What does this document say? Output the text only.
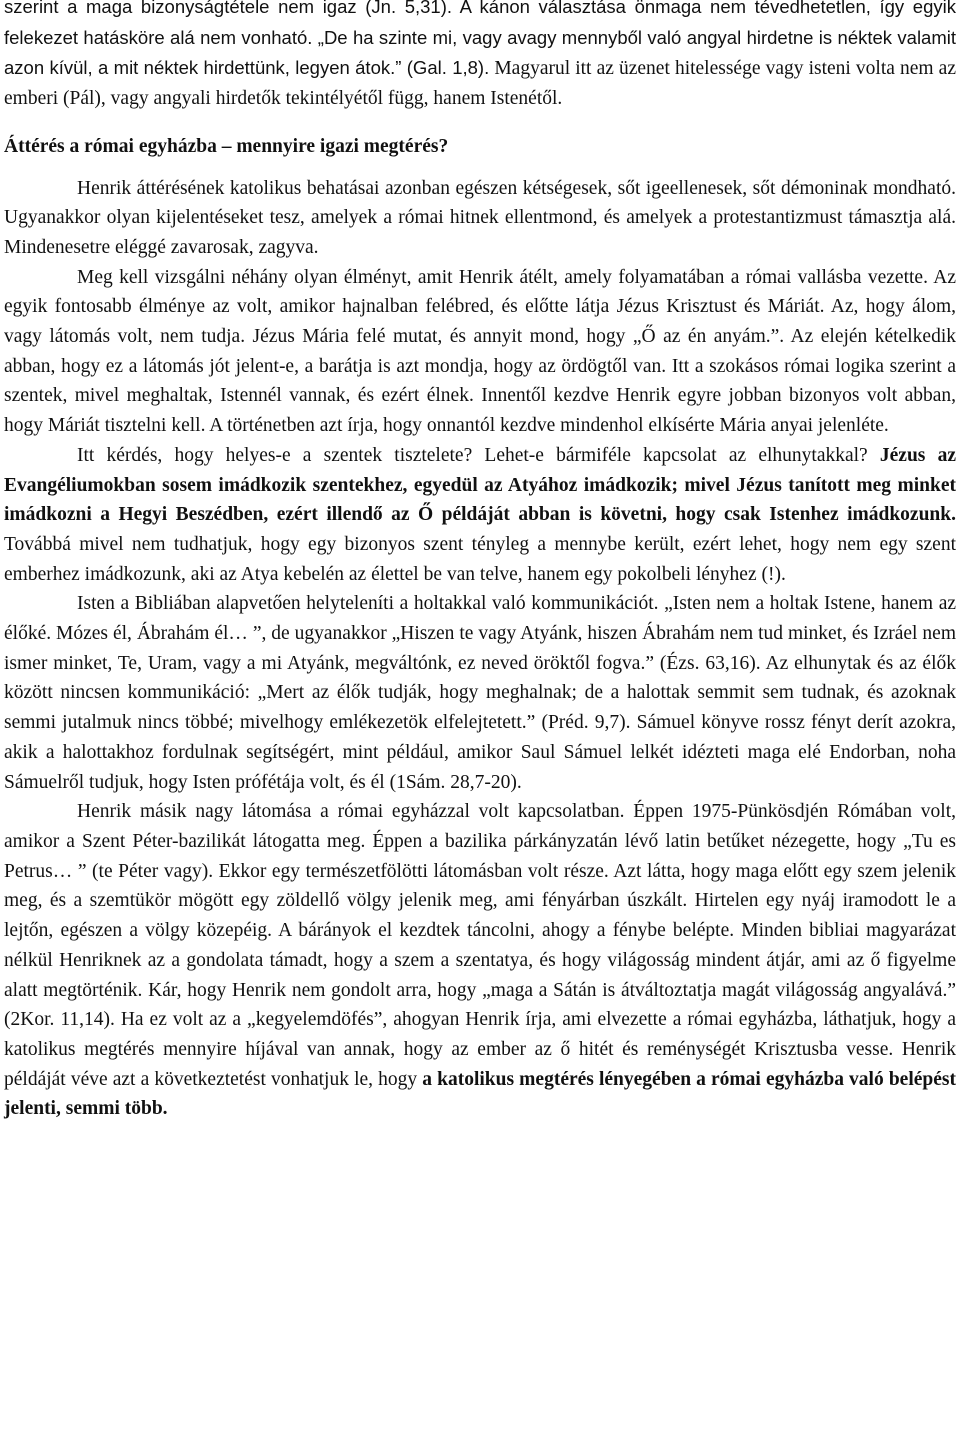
szerint a maga bizonyságtétele nem igaz (Jn. 5,31). A kánon választása önmaga nem tévedhetetlen, így egyik felekezet hatásköre alá nem vonható. „De ha szinte mi, vagy avagy mennyből való angyal hirdetne is néktek valamit azon kívül, a mit néktek hirdettünk, legyen átok.” (Gal. 1,8). Magyarul itt az üzenet hitelessége vagy isteni volta nem az emberi (Pál), vagy angyali hirdetők tekintélyétől függ, hanem Istenétől.

Áttérés a római egyházba – mennyire igazi megtérés?

Henrik áttérésének katolikus behatásai azonban egészen kétségesek, sőt igeellenesek, sőt démoninak mondható. Ugyanakkor olyan kijelentéseket tesz, amelyek a római hitnek ellentmond, és amelyek a protestantizmust támasztja alá. Mindenesetre eléggé zavarosak, zagyva.

Meg kell vizsgálni néhány olyan élményt, amit Henrik átélt, amely folyamatában a római vallásba vezette. Az egyik fontosabb élménye az volt, amikor hajnalban felébred, és előtte látja Jézus Krisztust és Máriát. Az, hogy álom, vagy látomás volt, nem tudja. Jézus Mária felé mutat, és annyit mond, hogy „Ő az én anyám.”. Az elején kételkedik abban, hogy ez a látomás jót jelent-e, a barátja is azt mondja, hogy az ördögtől van. Itt a szokásos római logika szerint a szentek, mivel meghaltak, Istennél vannak, és ezért élnek. Innentől kezdve Henrik egyre jobban bizonyos volt abban, hogy Máriát tisztelni kell. A történetben azt írja, hogy onnantól kezdve mindenhol elkísérte Mária anyai jelenléte.

Itt kérdés, hogy helyes-e a szentek tisztelete? Lehet-e bármiféle kapcsolat az elhunytakkal? Jézus az Evangéliumokban sosem imádkozik szentekhez, egyedül az Atyához imádkozik; mivel Jézus tanított meg minket imádkozni a Hegyi Beszédben, ezért illendő az Ő példáját abban is követni, hogy csak Istenhez imádkozunk. Továbbá mivel nem tudhatjuk, hogy egy bizonyos szent tényleg a mennybe került, ezért lehet, hogy nem egy szent emberhez imádkozunk, aki az Atya kebelén az élettel be van telve, hanem egy pokolbeli lényhez (!).

Isten a Bibliában alapvetően helyteleníti a holtakkal való kommunikációt. „Isten nem a holtak Istene, hanem az élőké. Mózes él, Ábrahám él… ”, de ugyanakkor „Hiszen te vagy Atyánk, hiszen Ábrahám nem tud minket, és Izráel nem ismer minket, Te, Uram, vagy a mi Atyánk, megváltónk, ez neved öröktől fogva.” (Ézs. 63,16). Az elhunytak és az élők között nincsen kommunikáció: „Mert az élők tudják, hogy meghalnak; de a halottak semmit sem tudnak, és azoknak semmi jutalmuk nincs többé; mivelhogy emlékezetök elfelejtetett.” (Préd. 9,7). Sámuel könyve rossz fényt derít azokra, akik a halottakhoz fordulnak segítségért, mint például, amikor Saul Sámuel lelkét idézteti maga elé Endorban, noha Sámuelről tudjuk, hogy Isten prófétája volt, és él (1Sám. 28,7-20).

Henrik másik nagy látomása a római egyházzal volt kapcsolatban. Éppen 1975-Pünkösdjén Rómában volt, amikor a Szent Péter-bazilikát látogatta meg. Éppen a bazilika párkányzatán lévő latin betűket nézegette, hogy „Tu es Petrus… ” (te Péter vagy). Ekkor egy természetfölötti látomásban volt része. Azt látta, hogy maga előtt egy szem jelenik meg, és a szemtükör mögött egy zöldellő völgy jelenik meg, ami fényárban úszkált. Hirtelen egy nyáj iramodott le a lejtőn, egészen a völgy közepéig. A bárányok el kezdtek táncolni, ahogy a fénybe belépte. Minden bibliai magyarázat nélkül Henriknek az a gondolata támadt, hogy a szem a szentatya, és hogy világosság mindent átjár, ami az ő figyelme alatt megtörténik. Kár, hogy Henrik nem gondolt arra, hogy „maga a Sátán is átváltoztatja magát világosság angyalává.” (2Kor. 11,14). Ha ez volt az a „kegyelemdöfés”, ahogyan Henrik írja, ami elvezette a római egyházba, láthatjuk, hogy a katolikus megtérés mennyire híjával van annak, hogy az ember az ő hitét és reménységét Krisztusba vesse. Henrik példáját véve azt a következtetést vonhatjuk le, hogy a katolikus megtérés lényegében a római egyházba való belépést jelenti, semmi több.
